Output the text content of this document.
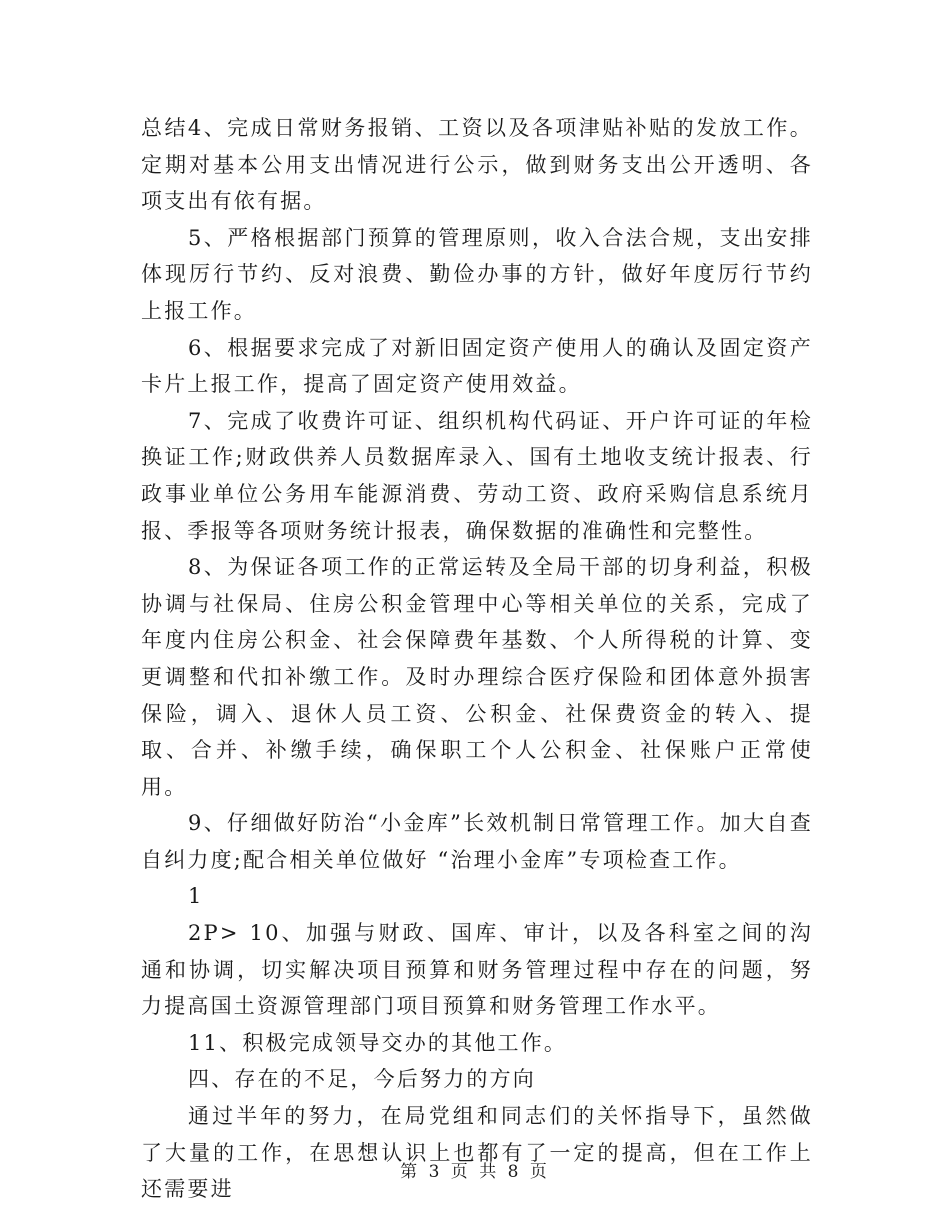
总结4、完成日常财务报销、工资以及各项津贴补贴的发放工作。定期对基本公用支出情况进行公示，做到财务支出公开透明、各项支出有依有据。

5、严格根据部门预算的管理原则，收入合法合规，支出安排体现厉行节约、反对浪费、勤俭办事的方针，做好年度厉行节约上报工作。

6、根据要求完成了对新旧固定资产使用人的确认及固定资产卡片上报工作，提高了固定资产使用效益。

7、完成了收费许可证、组织机构代码证、开户许可证的年检换证工作;财政供养人员数据库录入、国有土地收支统计报表、行政事业单位公务用车能源消费、劳动工资、政府采购信息系统月报、季报等各项财务统计报表，确保数据的准确性和完整性。

8、为保证各项工作的正常运转及全局干部的切身利益，积极协调与社保局、住房公积金管理中心等相关单位的关系，完成了年度内住房公积金、社会保障费年基数、个人所得税的计算、变更调整和代扣补缴工作。及时办理综合医疗保险和团体意外损害保险，调入、退休人员工资、公积金、社保费资金的转入、提取、合并、补缴手续，确保职工个人公积金、社保账户正常使用。

9、仔细做好防治“小金库”长效机制日常管理工作。加大自查自纠力度;配合相关单位做好 “治理小金库”专项检查工作。

1

2P> 10、加强与财政、国库、审计，以及各科室之间的沟通和协调，切实解决项目预算和财务管理过程中存在的问题，努力提高国土资源管理部门项目预算和财务管理工作水平。

11、积极完成领导交办的其他工作。

四、存在的不足，今后努力的方向

通过半年的努力，在局党组和同志们的关怀指导下，虽然做了大量的工作，在思想认识上也都有了一定的提高，但在工作上还需要进

第 3 页 共 8 页
